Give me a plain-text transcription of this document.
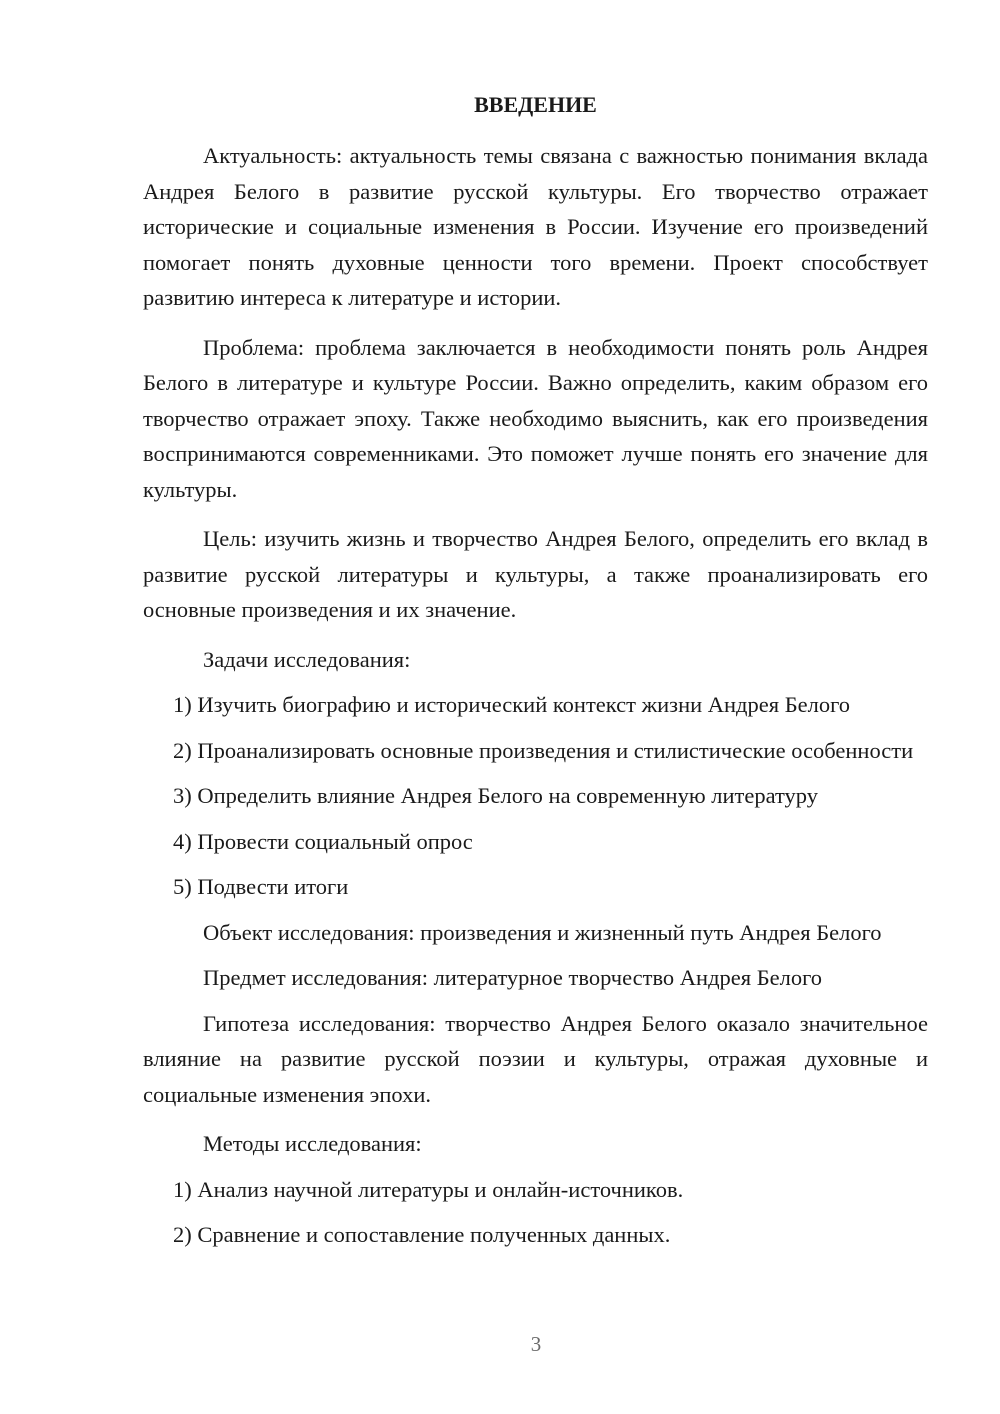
ВВЕДЕНИЕ

Актуальность: актуальность темы связана с важностью понимания вклада Андрея Белого в развитие русской культуры. Его творчество отражает исторические и социальные изменения в России. Изучение его произведений помогает понять духовные ценности того времени. Проект способствует развитию интереса к литературе и истории.

Проблема: проблема заключается в необходимости понять роль Андрея Белого в литературе и культуре России. Важно определить, каким образом его творчество отражает эпоху. Также необходимо выяснить, как его произведения воспринимаются современниками. Это поможет лучше понять его значение для культуры.

Цель: изучить жизнь и творчество Андрея Белого, определить его вклад в развитие русской литературы и культуры, а также проанализировать его основные произведения и их значение.

Задачи исследования:

1) Изучить биографию и исторический контекст жизни Андрея Белого

2) Проанализировать основные произведения и стилистические особенности

3) Определить влияние Андрея Белого на современную литературу

4) Провести социальный опрос

5) Подвести итоги

Объект исследования: произведения и жизненный путь Андрея Белого

Предмет исследования: литературное творчество Андрея Белого

Гипотеза исследования: творчество Андрея Белого оказало значительное влияние на развитие русской поэзии и культуры, отражая духовные и социальные изменения эпохи.

Методы исследования:

1) Анализ научной литературы и онлайн-источников.

2) Сравнение и сопоставление полученных данных.

3
